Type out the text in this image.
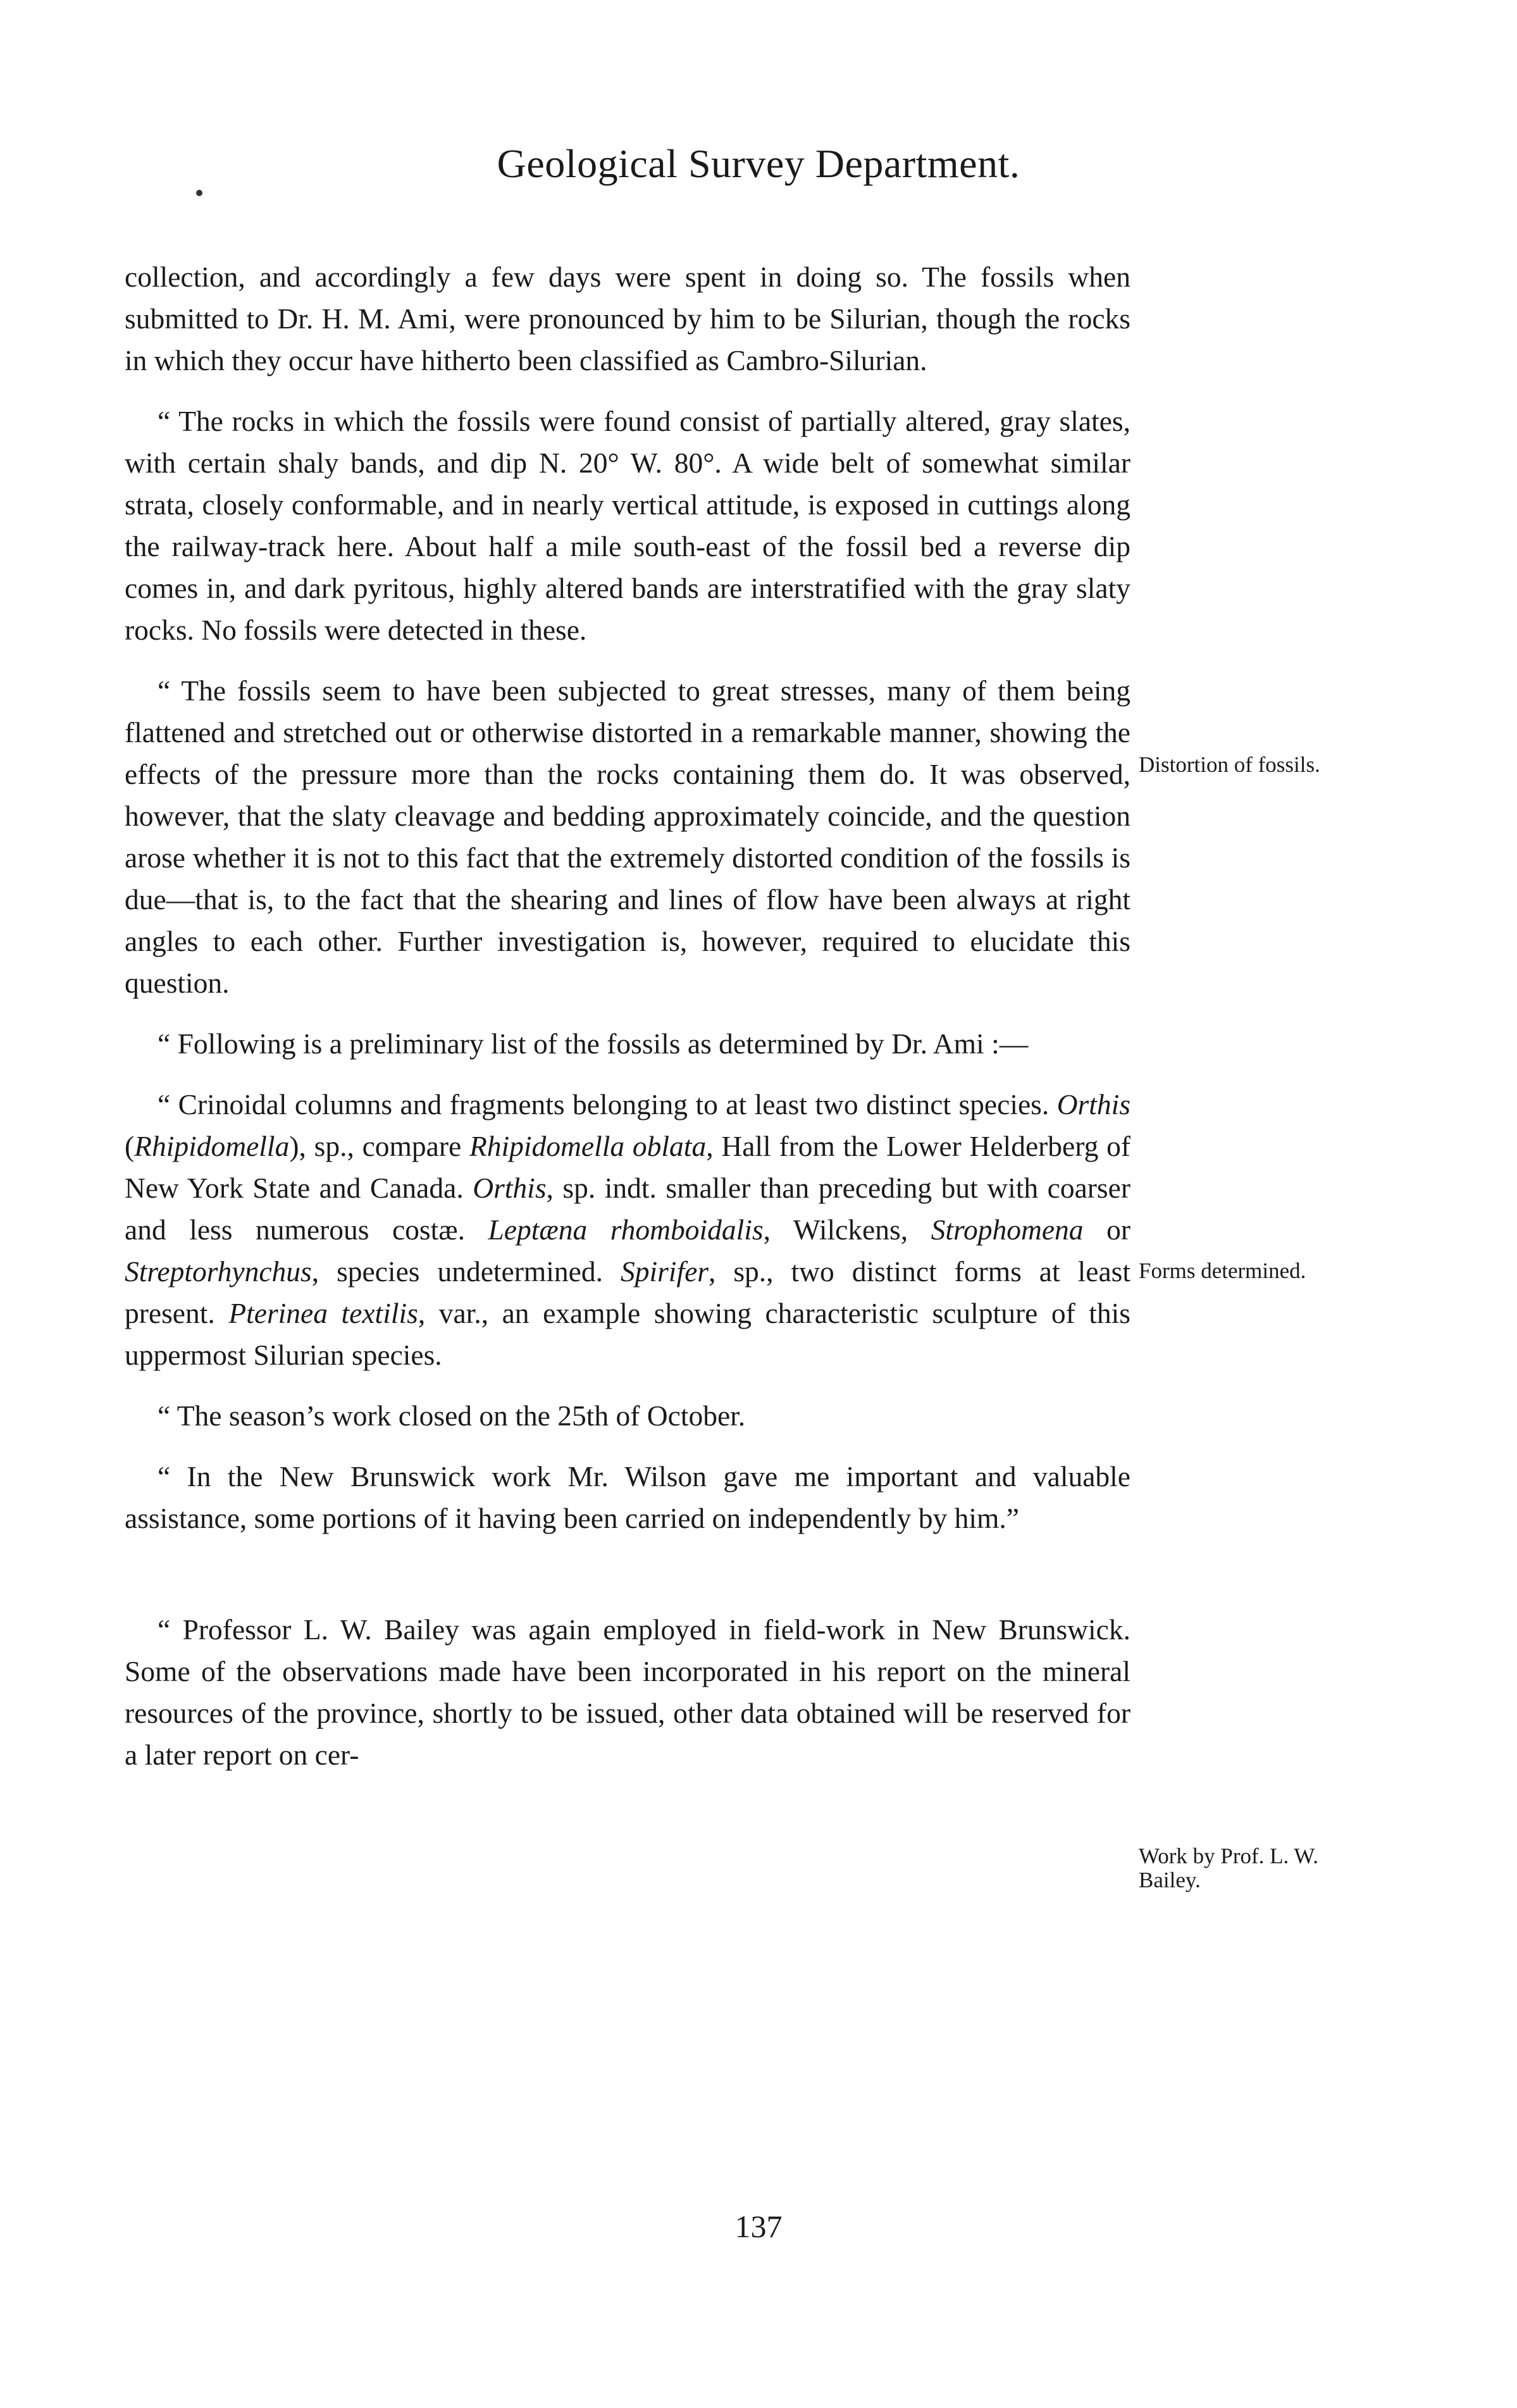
Geological Survey Department.

collection, and accordingly a few days were spent in doing so. The fossils when submitted to Dr. H. M. Ami, were pronounced by him to be Silurian, though the rocks in which they occur have hitherto been classified as Cambro-Silurian.

“ The rocks in which the fossils were found consist of partially altered, gray slates, with certain shaly bands, and dip N. 20° W. 80°. A wide belt of somewhat similar strata, closely conformable, and in nearly vertical attitude, is exposed in cuttings along the railway-track here. About half a mile south-east of the fossil bed a reverse dip comes in, and dark pyritous, highly altered bands are interstratified with the gray slaty rocks. No fossils were detected in these.

“ The fossils seem to have been subjected to great stresses, many of them being flattened and stretched out or otherwise distorted in a remarkable manner, showing the effects of the pressure more than the rocks containing them do. It was observed, however, that the slaty cleavage and bedding approximately coincide, and the question arose whether it is not to this fact that the extremely distorted condition of the fossils is due—that is, to the fact that the shearing and lines of flow have been always at right angles to each other. Further investigation is, however, required to elucidate this question.

“ Following is a preliminary list of the fossils as determined by Dr. Ami :—

“ Crinoidal columns and fragments belonging to at least two distinct species. Orthis (Rhipidomella), sp., compare Rhipidomella oblata, Hall from the Lower Helderberg of New York State and Canada. Orthis, sp. indt. smaller than preceding but with coarser and less numerous costæ. Leptæna rhomboidalis, Wilckens, Strophomena or Streptorhynchus, species undetermined. Spirifer, sp., two distinct forms at least present. Pterinea textilis, var., an example showing characteristic sculpture of this uppermost Silurian species.

“ The season’s work closed on the 25th of October.

“ In the New Brunswick work Mr. Wilson gave me important and valuable assistance, some portions of it having been carried on independently by him.”

“ Professor L. W. Bailey was again employed in field-work in New Brunswick. Some of the observations made have been incorporated in his report on the mineral resources of the province, shortly to be issued, other data obtained will be reserved for a later report on cer-

Distortion of fossils.
Forms determined.
Work by Prof. L. W. Bailey.
137
